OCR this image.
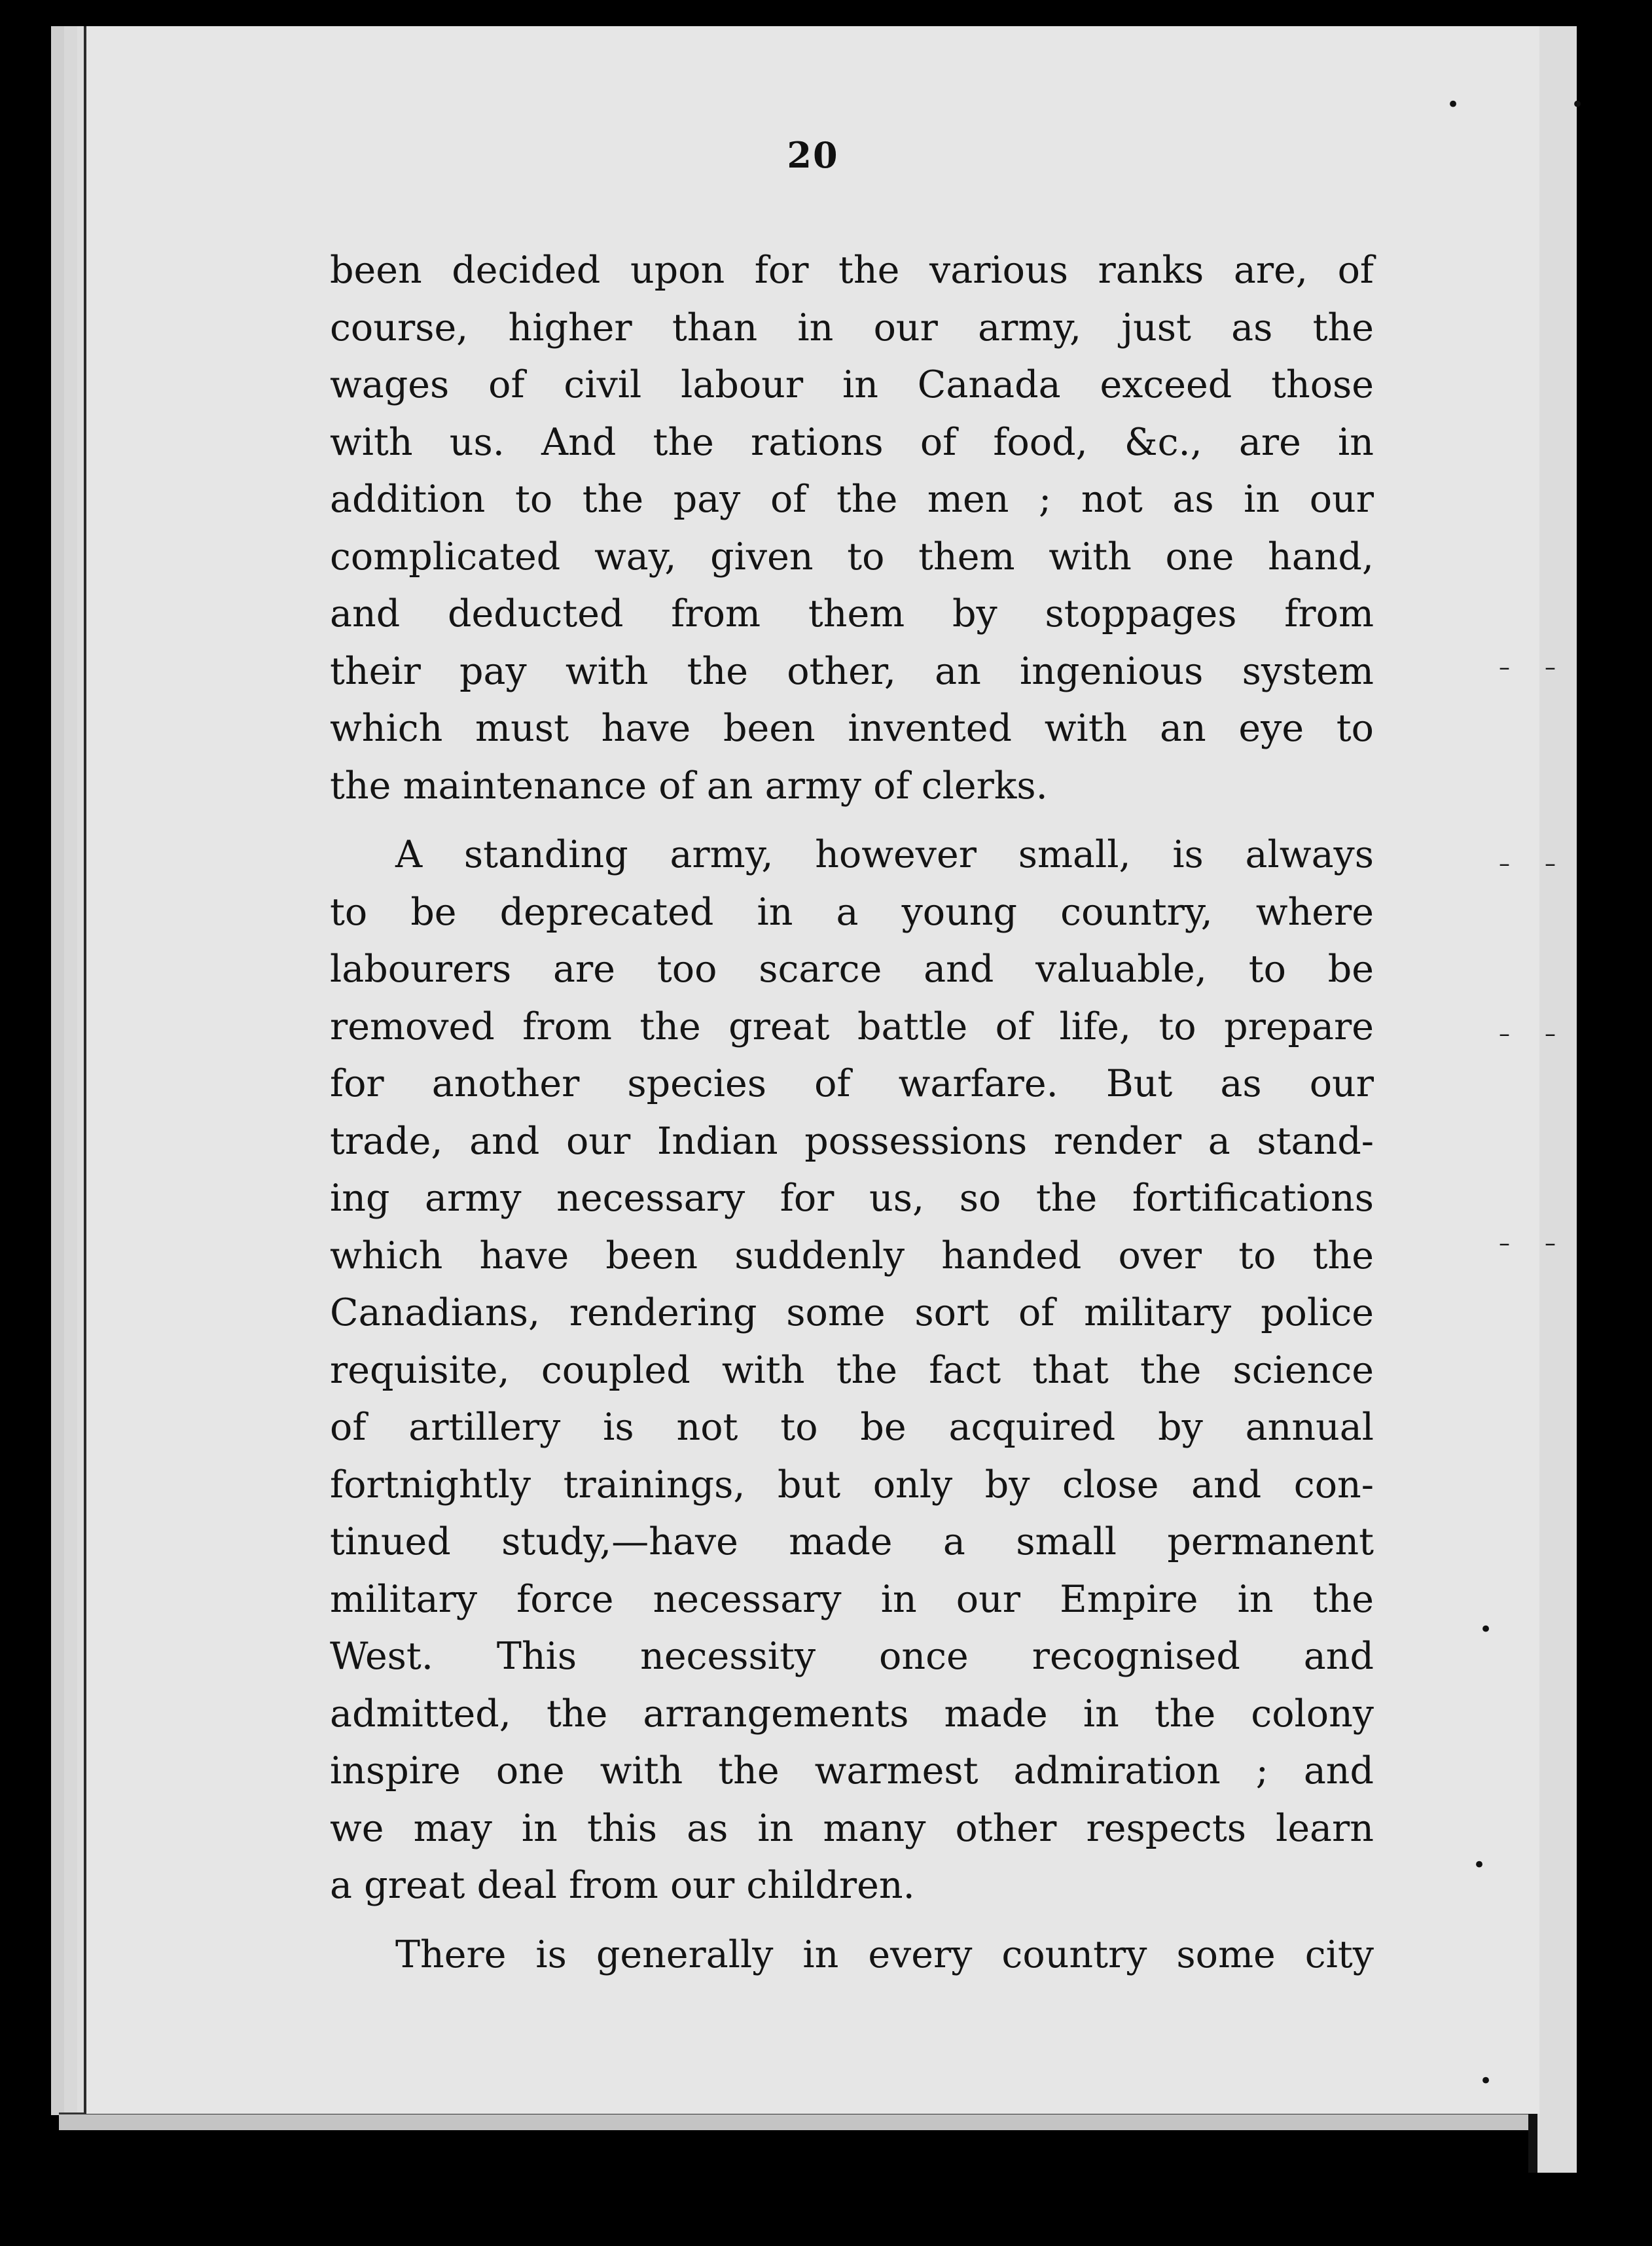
20
been decided upon for the various ranks are, of
course, higher than in our army, just as the
wages of civil labour in Canada exceed those
with us. And the rations of food, &c., are in
addition to the pay of the men ; not as in our
complicated way, given to them with one hand,
and deducted from them by stoppages from
their pay with the other, an ingenious system
which must have been invented with an eye to
the maintenance of an army of clerks.
A standing army, however small, is always
to be deprecated in a young country, where
labourers are too scarce and valuable, to be
removed from the great battle of life, to prepare
for another species of warfare. But as our
trade, and our Indian possessions render a stand-
ing army necessary for us, so the fortifications
which have been suddenly handed over to the
Canadians, rendering some sort of military police
requisite, coupled with the fact that the science
of artillery is not to be acquired by annual
fortnightly trainings, but only by close and con-
tinued study,—have made a small permanent
military force necessary in our Empire in the
West. This necessity once recognised and
admitted, the arrangements made in the colony
inspire one with the warmest admiration ; and
we may in this as in many other respects learn
a great deal from our children.
There is generally in every country some city
•	•
– –
– –
– –
– –
•
•
•
